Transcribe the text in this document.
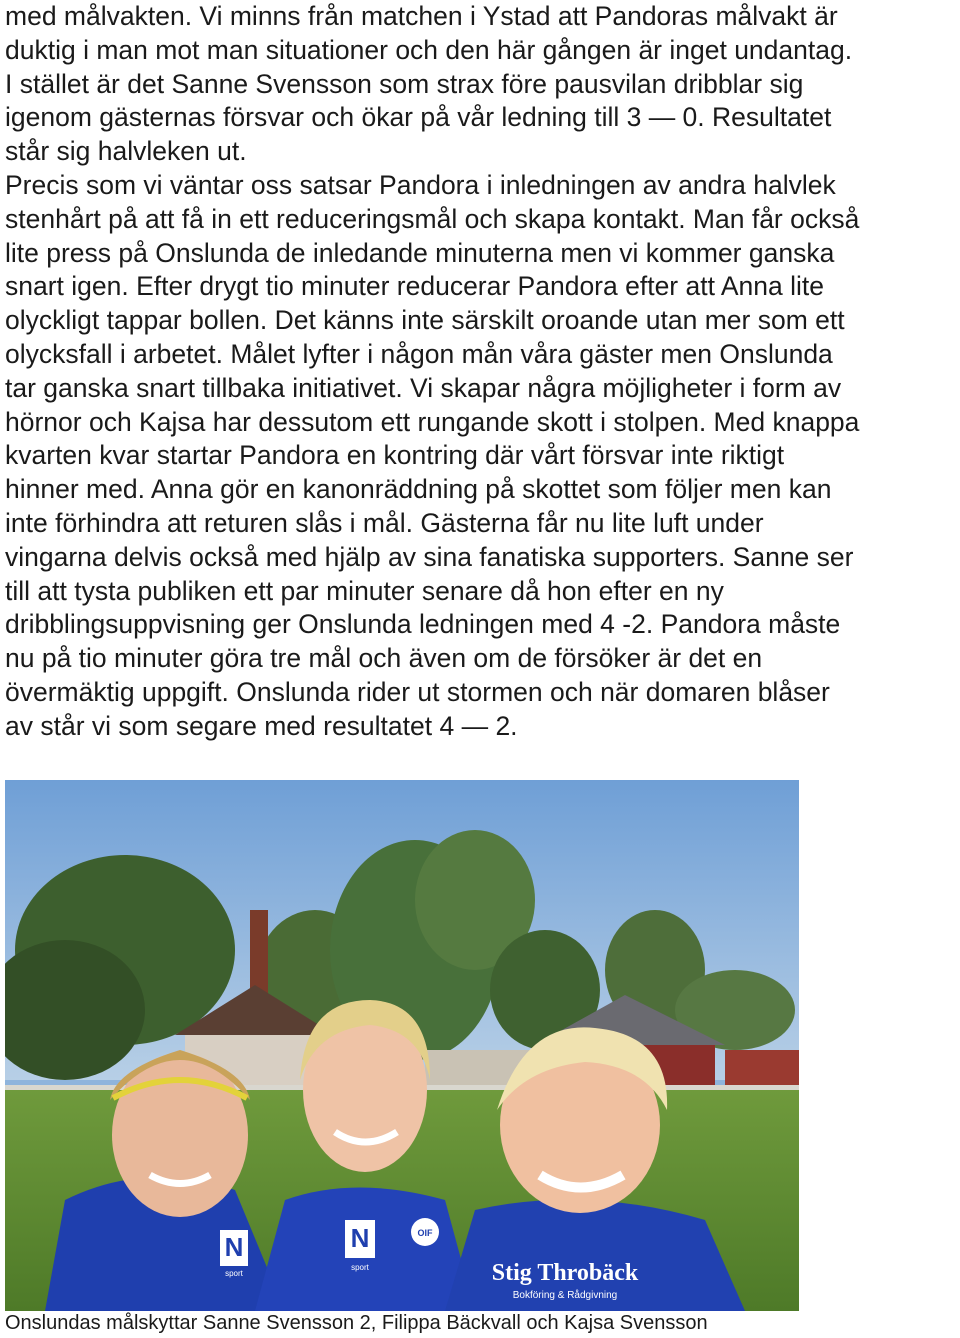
med målvakten. Vi minns från matchen i Ystad att Pandoras målvakt är
duktig i man mot man situationer och den här gången är inget undantag.
I stället är det Sanne Svensson som strax före pausvilan dribblar sig
igenom gästernas försvar och ökar på vår ledning till 3 — 0. Resultatet
står sig halvleken ut.
Precis som vi väntar oss satsar Pandora i inledningen av andra halvlek
stenhårt på att få in ett reduceringsmål och skapa kontakt. Man får också
lite press på Onslunda de inledande minuterna men vi kommer ganska
snart igen. Efter drygt tio minuter reducerar Pandora efter att Anna lite
olyckligt tappar bollen. Det känns inte särskilt oroande utan mer som ett
olycksfall i arbetet. Målet lyfter i någon mån våra gäster men Onslunda
tar ganska snart tillbaka initiativet. Vi skapar några möjligheter i form av
hörnor och Kajsa har dessutom ett rungande skott i stolpen. Med knappa
kvarten kvar startar Pandora en kontring där vårt försvar inte riktigt
hinner med. Anna gör en kanonräddning på skottet som följer men kan
inte förhindra att returen slås i mål. Gästerna får nu lite luft under
vingarna delvis också med hjälp av sina fanatiska supporters. Sanne ser
till att tysta publiken ett par minuter senare då hon efter en ny
dribblingsuppvisning ger Onslunda ledningen med 4 -2. Pandora måste
nu på tio minuter göra tre mål och även om de försöker är det en
övermäktig uppgift. Onslunda rider ut stormen och när domaren blåser
av står vi som segare med resultatet 4 — 2.
N
sport
N
sport
OIF
Stig Throbäck
Bokföring & Rådgivning
Onslundas målskyttar Sanne Svensson 2, Filippa Bäckvall och Kajsa Svensson
